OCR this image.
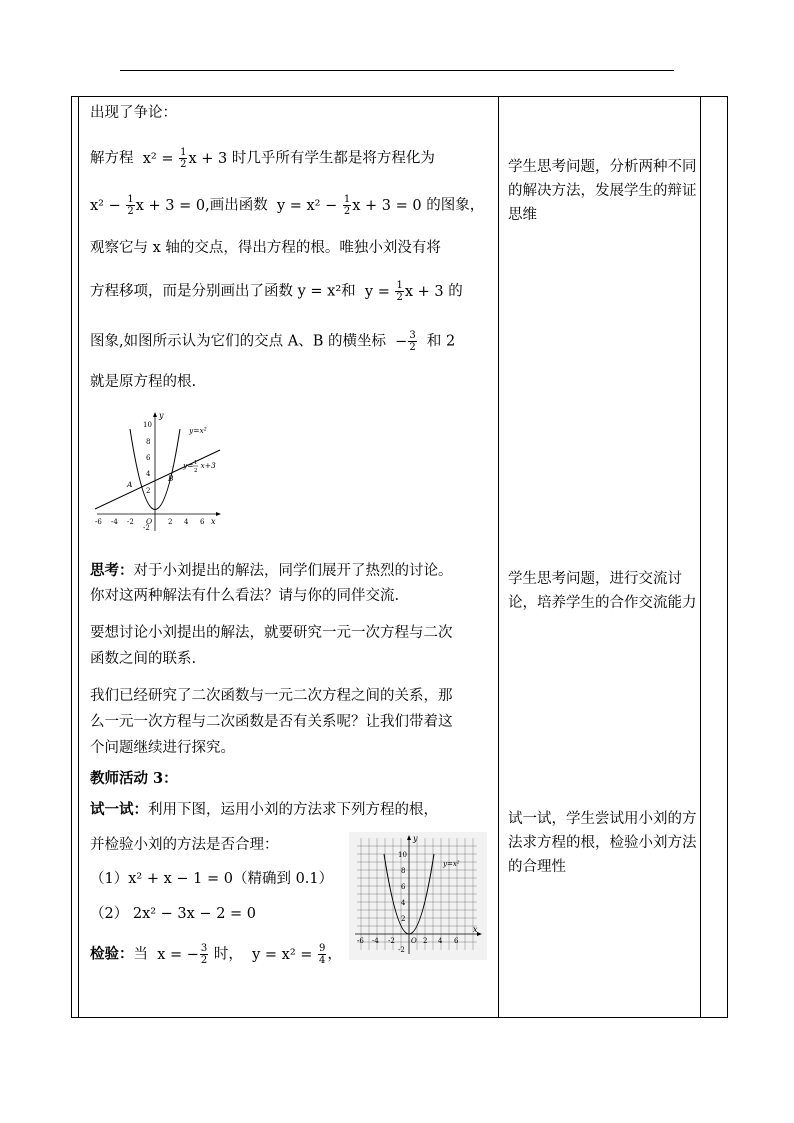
出现了争论：
解方程 $x^2 = \frac{1}{2}$ x + 3 时几乎所有学生都是将方程化为
$x^2 - \frac{1}{2}$ x + 3 = 0,画出函数 $y = x^2 - \frac{1}{2}$ x + 3 = 0 的图象，
观察它与 x 轴的交点，得出方程的根。唯独小刘没有将
方程移项，而是分别画出了函数 y = x²和 $y = \frac{1}{2}$ x + 3 的
图象,如图所示认为它们的交点 A、B 的横坐标 − $\frac{3}{2}$ 和 2
就是原方程的根.
y
x
O
10
8
6
4
2
-2
-6 -4 -2	2 4 6
y=x²
y= x+3
1
2
A
B
思考：对于小刘提出的解法，同学们展开了热烈的讨论。
你对这两种解法有什么看法？请与你的同伴交流.
要想讨论小刘提出的解法，就要研究一元一次方程与二次
函数之间的联系.
我们已经研究了二次函数与一元二次方程之间的关系，那
么一元一次方程与二次函数是否有关系呢？让我们带着这
个问题继续进行探究。
教师活动 3：
试一试：利用下图，运用小刘的方法求下列方程的根，
并检验小刘的方法是否合理：
（1）x² + x − 1 = 0（精确到 0.1）
（2） 2x² − 3x − 2 = 0
检验：当 x = − $\frac{3}{2}$ 时， $y = x^2 = \frac{9}{4}$ ，
y
x
O
10
8
6
4
2
-2
-6 -4 -2	2 4 6
y=x²

学生思考问题，分析两种不同的解决方法，发展学生的辩证思维
学生思考问题，进行交流讨论，培养学生的合作交流能力
试一试，学生尝试用小刘的方法求方程的根，检验小刘方法的合理性
